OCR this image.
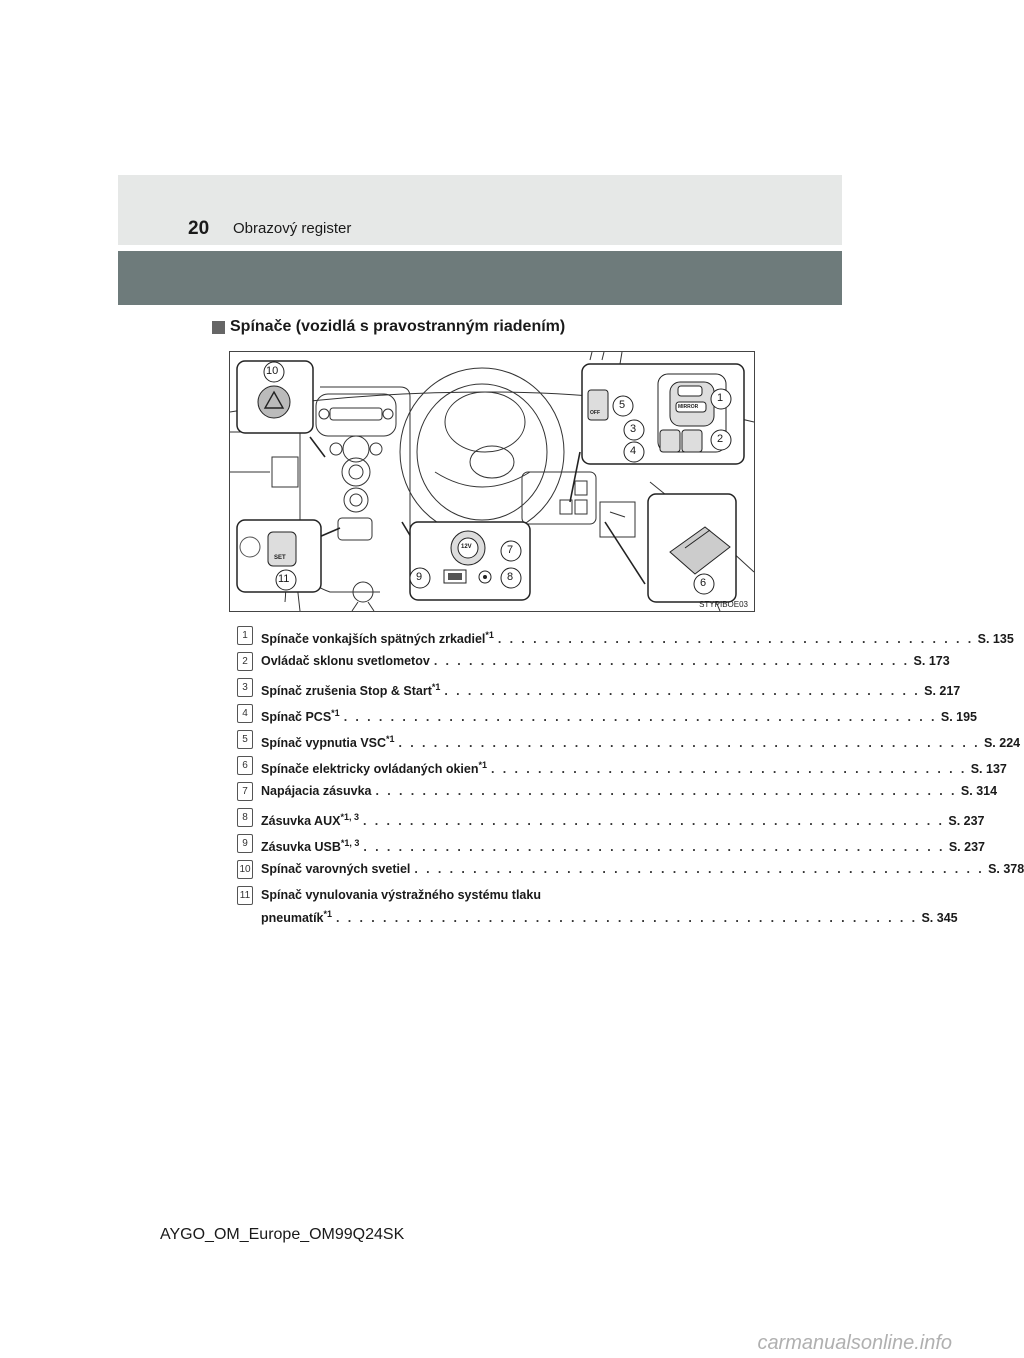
20 Obrazový register
Spínače (vozidlá s pravostranným riadením)
10
11	9	8
7
5
1
2
3
4
6
12V
MIRROR
SET
OFF
STYPIBOE03
1	Spínače vonkajších spätných zrkadiel$^{*1}$ . . . . . . . . . . . . . . . . . . . . . . . . . . . . . . . . . . . . . . . . . S. 135
2	Ovládač sklonu svetlometov . . . . . . . . . . . . . . . . . . . . . . . . . . . . . . . . . . . . . . . . . S. 173
3	Spínač zrušenia Stop & Start$^{*1}$ . . . . . . . . . . . . . . . . . . . . . . . . . . . . . . . . . . . . . . . . . S. 217
4	Spínač PCS$^{*1}$ . . . . . . . . . . . . . . . . . . . . . . . . . . . . . . . . . . . . . . . . . . . . . . . . . . . S. 195
5	Spínač vypnutia VSC$^{*1}$ . . . . . . . . . . . . . . . . . . . . . . . . . . . . . . . . . . . . . . . . . . . . . . . . . . S. 224
6	Spínače elektricky ovládaných okien$^{*1}$ . . . . . . . . . . . . . . . . . . . . . . . . . . . . . . . . . . . . . . . . . S. 137
7	Napájacia zásuvka . . . . . . . . . . . . . . . . . . . . . . . . . . . . . . . . . . . . . . . . . . . . . . . . . . S. 314
8	Zásuvka AUX$^{*1, 3}$ . . . . . . . . . . . . . . . . . . . . . . . . . . . . . . . . . . . . . . . . . . . . . . . . . . S. 237
9	Zásuvka USB$^{*1, 3}$ . . . . . . . . . . . . . . . . . . . . . . . . . . . . . . . . . . . . . . . . . . . . . . . . . . S. 237
10 Spínač varovných svetiel . . . . . . . . . . . . . . . . . . . . . . . . . . . . . . . . . . . . . . . . . . . . . . . . . S. 378
11 Spínač vynulovania výstražného systému tlaku
pneumatík$^{*1}$ . . . . . . . . . . . . . . . . . . . . . . . . . . . . . . . . . . . . . . . . . . . . . . . . . . S. 345
AYGO_OM_Europe_OM99Q24SK
carmanualsonline.info
